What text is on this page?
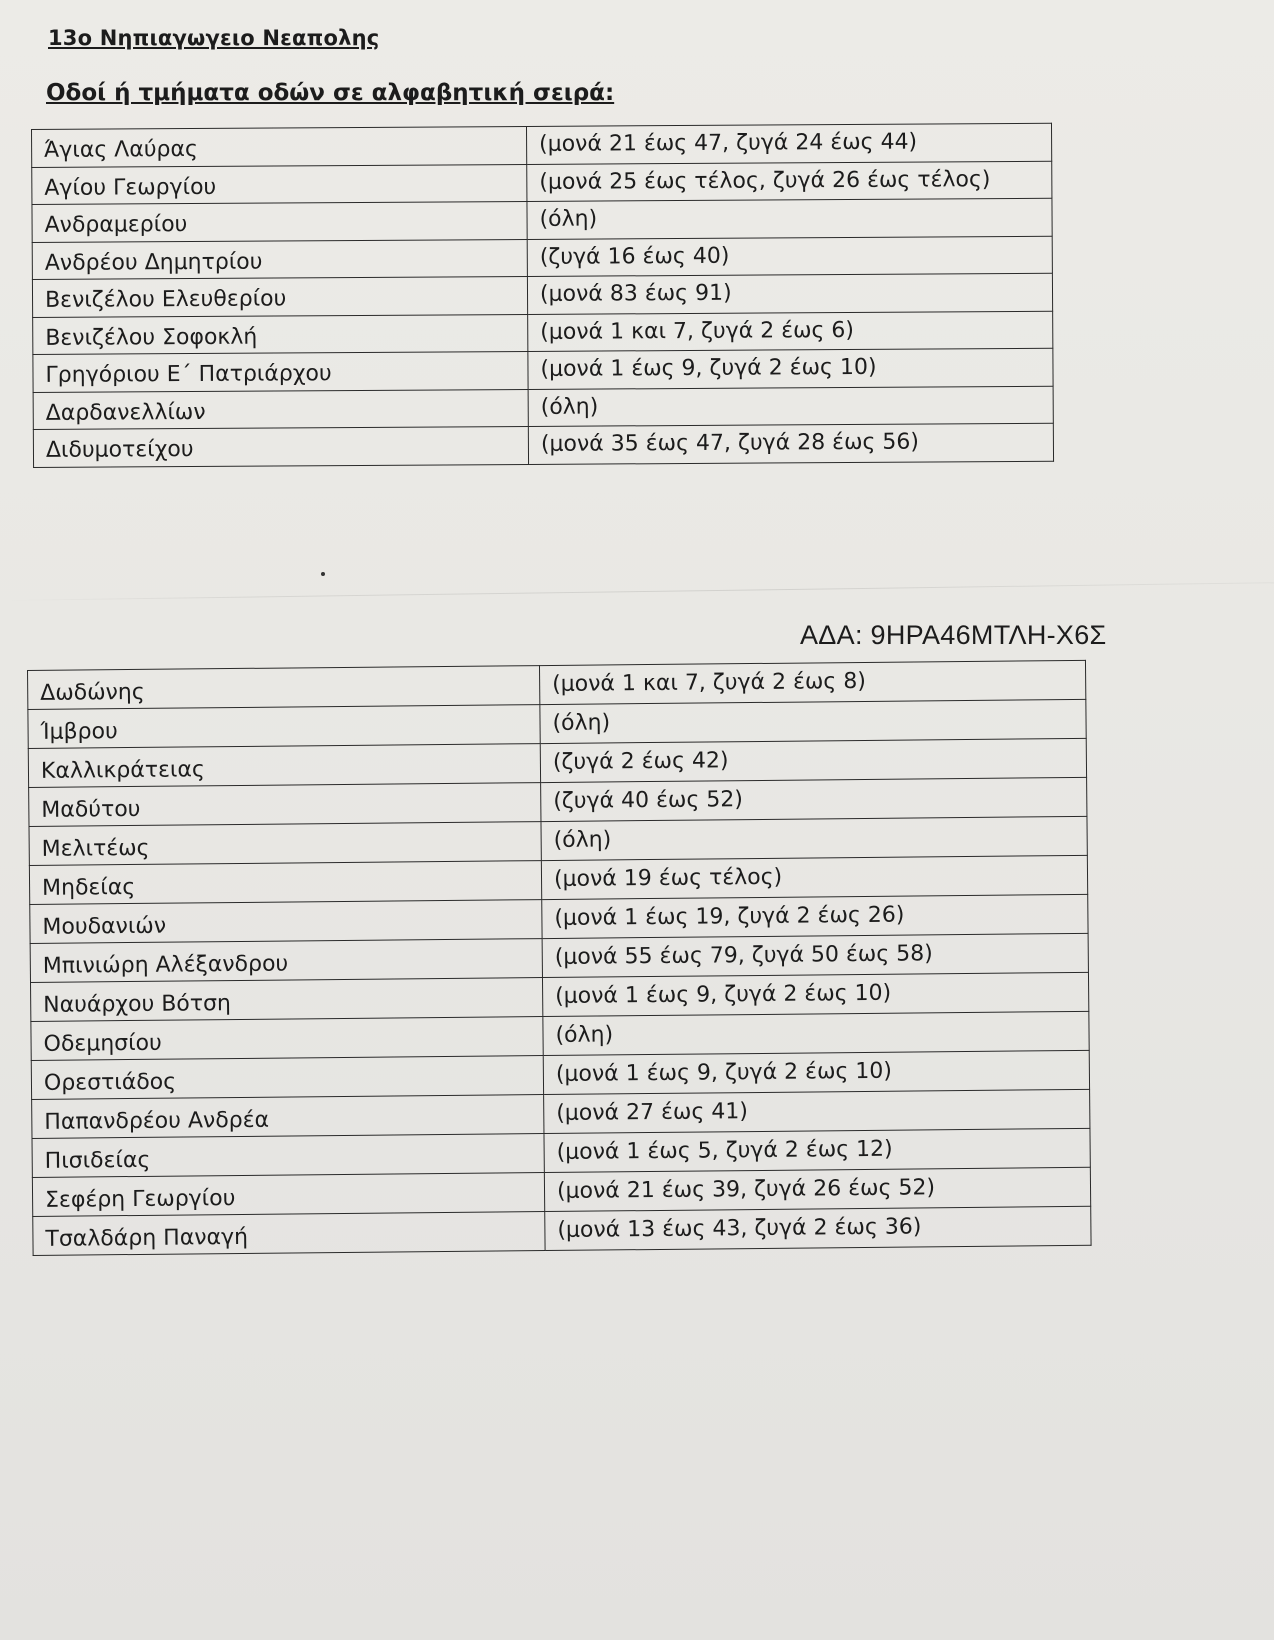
13ο Νηπιαγωγειο Νεαπολης
Οδοί ή τμήματα οδών σε αλφαβητική σειρά:
Άγιας Λαύρας	(μονά 21 έως 47, ζυγά 24 έως 44)
Αγίου Γεωργίου	(μονά 25 έως τέλος, ζυγά 26 έως τέλος)
Ανδραμερίου	(όλη)
Ανδρέου Δημητρίου	(ζυγά 16 έως 40)
Βενιζέλου Ελευθερίου	(μονά 83 έως 91)
Βενιζέλου Σοφοκλή	(μονά 1 και 7, ζυγά 2 έως 6)
Γρηγόριου Ε΄ Πατριάρχου	(μονά 1 έως 9, ζυγά 2 έως 10)
Δαρδανελλίων	(όλη)
Διδυμοτείχου	(μονά 35 έως 47, ζυγά 28 έως 56)
ΑΔΑ: 9ΗΡΑ46ΜΤΛΗ-Χ6Σ
Δωδώνης	(μονά 1 και 7, ζυγά 2 έως 8)
Ίμβρου	(όλη)
Καλλικράτειας	(ζυγά 2 έως 42)
Μαδύτου	(ζυγά 40 έως 52)
Μελιτέως	(όλη)
Μηδείας	(μονά 19 έως τέλος)
Μουδανιών	(μονά 1 έως 19, ζυγά 2 έως 26)
Μπινιώρη Αλέξανδρου	(μονά 55 έως 79, ζυγά 50 έως 58)
Ναυάρχου Βότση	(μονά 1 έως 9, ζυγά 2 έως 10)
Οδεμησίου	(όλη)
Ορεστιάδος	(μονά 1 έως 9, ζυγά 2 έως 10)
Παπανδρέου Ανδρέα	(μονά 27 έως 41)
Πισιδείας	(μονά 1 έως 5, ζυγά 2 έως 12)
Σεφέρη Γεωργίου	(μονά 21 έως 39, ζυγά 26 έως 52)
Τσαλδάρη Παναγή	(μονά 13 έως 43, ζυγά 2 έως 36)
